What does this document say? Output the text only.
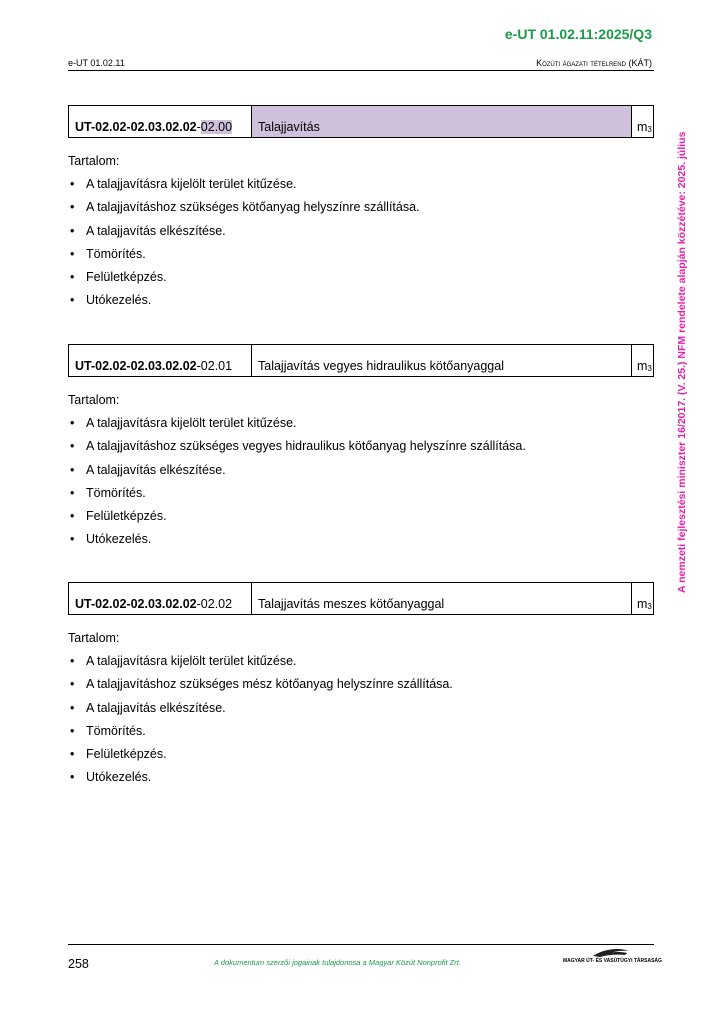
e-UT 01.02.11:2025/Q3
e-UT 01.02.11	Közúti ágazati tételrend (KÁT)
A nemzeti fejlesztési miniszter 16/2017. (V. 25.) NFM rendelete alapján közzétéve: 2025. július
UT-02.02-02.03.02.02 - 02.00	Talajjavítás	$m_3$
Tartalom:
• A talajjavításra kijelölt terület kitűzése.
• A talajjavításhoz szükséges kötőanyag helyszínre szállítása.
• A talajjavítás elkészítése.
• Tömörítés.
• Felületképzés.
• Utókezelés.
UT-02.02-02.03.02.02 - 02.01	Talajjavítás vegyes hidraulikus kötőanyaggal	$m_3$
Tartalom:
• A talajjavításra kijelölt terület kitűzése.
• A talajjavításhoz szükséges vegyes hidraulikus kötőanyag helyszínre szállítása.
• A talajjavítás elkészítése.
• Tömörítés.
• Felületképzés.
• Utókezelés.
UT-02.02-02.03.02.02 - 02.02	Talajjavítás meszes kötőanyaggal	$m_3$
Tartalom:
• A talajjavításra kijelölt terület kitűzése.
• A talajjavításhoz szükséges mész kötőanyag helyszínre szállítása.
• A talajjavítás elkészítése.
• Tömörítés.
• Felületképzés.
• Utókezelés.
258	A dokumentum szerzői jogainak tulajdonosa a Magyar Közút Nonprofit Zrt.	MAGYAR ÚT- ÉS VASÚTÜGYI TÁRSASÁG
